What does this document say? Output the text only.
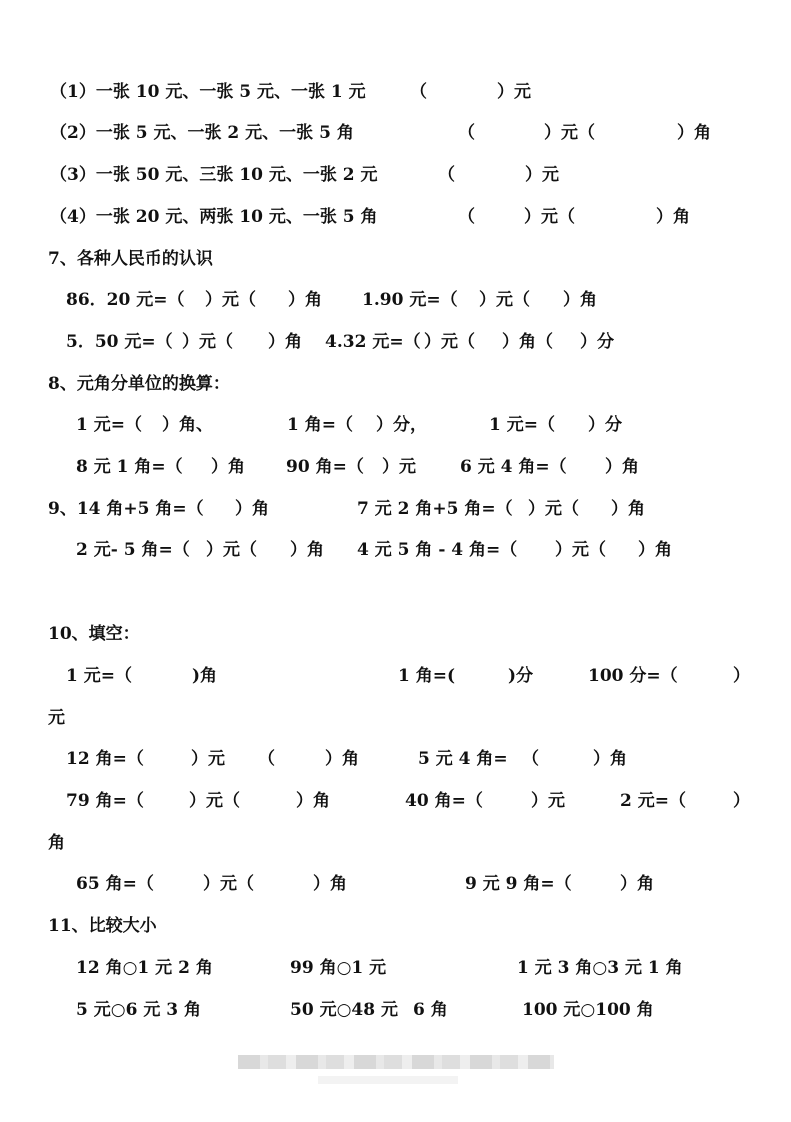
（1）一张 10 元、一张 5 元、一张 1 元	（	）元
（2）一张 5 元、一张 2 元、一张 5 角	（	）元（	）角
（3）一张 50 元、三张 10 元、一张 2 元	（	）元
（4）一张 20 元、两张 10 元、一张 5 角	（	）元（	）角
7、各种人民币的认识
86．20 元=（ ）元（ ）角 1.90 元=（ ）元（ ）角
5．50 元=（ ）元（ ）角 4.32 元=（ ）元（ ）角（ ）分
8、元角分单位的换算：
1 元=（ ）角、	1 角=（ ）分，	1 元=（ ）分
8 元 1 角=（ ）角 90 角=（ ）元	6 元 4 角=（ ）角
9、14 角+5 角=（ ）角	7 元 2 角+5 角=（ ）元（ ）角
2 元- 5 角=（ ）元（ ）角 4 元 5 角 - 4 角=（ ）元（ ）角
10、填空：
1 元=（	)角	1 角=(	)分	100 分=（	）
元
12 角=（	）元 （	）角	5 元 4 角= （	）角
79 角=（	）元（	）角	40 角=（	）元	2 元=（	）
角
65 角=（	）元（	）角	9 元 9 角=（	）角
11、比较大小
12 角○1 元 2 角	99 角○1 元	1 元 3 角○3 元 1 角
5 元○6 元 3 角	50 元○48 元 6 角	100 元○100 角
